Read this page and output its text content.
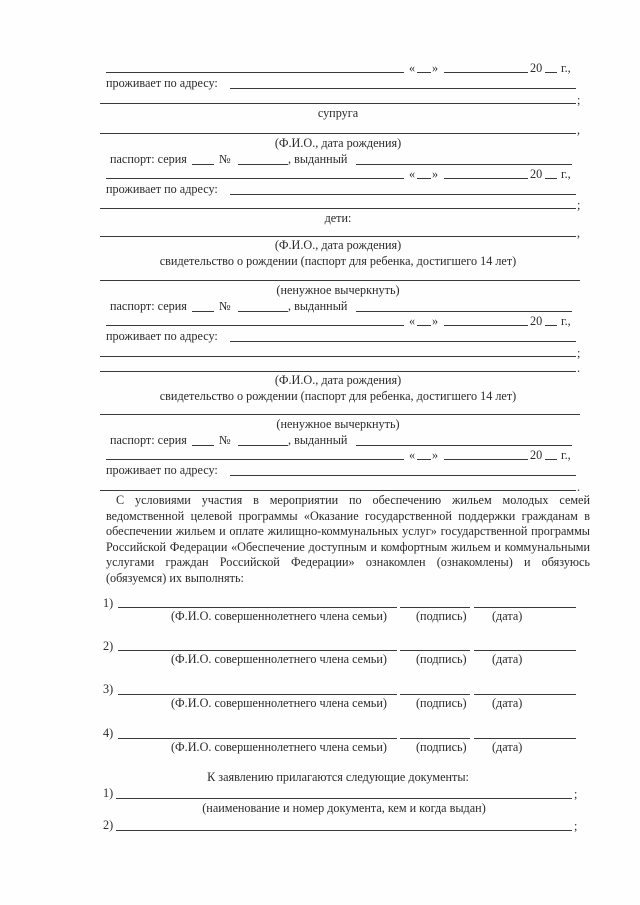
« »	20 г.,
проживает по адресу:
;
супруга
,
(Ф.И.О., дата рождения)
паспорт: серия	№	, выданный
« »	20 г.,
проживает по адресу:
;
дети:
,
(Ф.И.О., дата рождения)
свидетельство о рождении (паспорт для ребенка, достигшего 14 лет)
(ненужное вычеркнуть)
паспорт: серия	№	, выданный
« »	20 г.,
проживает по адресу:
;
.
(Ф.И.О., дата рождения)
свидетельство о рождении (паспорт для ребенка, достигшего 14 лет)
(ненужное вычеркнуть)
паспорт: серия	№	, выданный
« »	20 г.,
проживает по адресу:
.
С условиями участия в мероприятии по обеспечению жильем молодых семей ведомственной целевой программы «Оказание государственной поддержки гражданам в обеспечении жильем и оплате жилищно-коммунальных услуг» государственной программы Российской Федерации «Обеспечение доступным и комфортным жильем и коммунальными услугами граждан Российской Федерации» ознакомлен (ознакомлены) и обязуюсь (обязуемся) их выполнять:
1)
(Ф.И.О. совершеннолетнего члена семьи) (подпись) (дата)
2)
(Ф.И.О. совершеннолетнего члена семьи) (подпись) (дата)
3)
(Ф.И.О. совершеннолетнего члена семьи) (подпись) (дата)
4)
(Ф.И.О. совершеннолетнего члена семьи) (подпись) (дата)
К заявлению прилагаются следующие документы:
1)	;
(наименование и номер документа, кем и когда выдан)
2)	;
